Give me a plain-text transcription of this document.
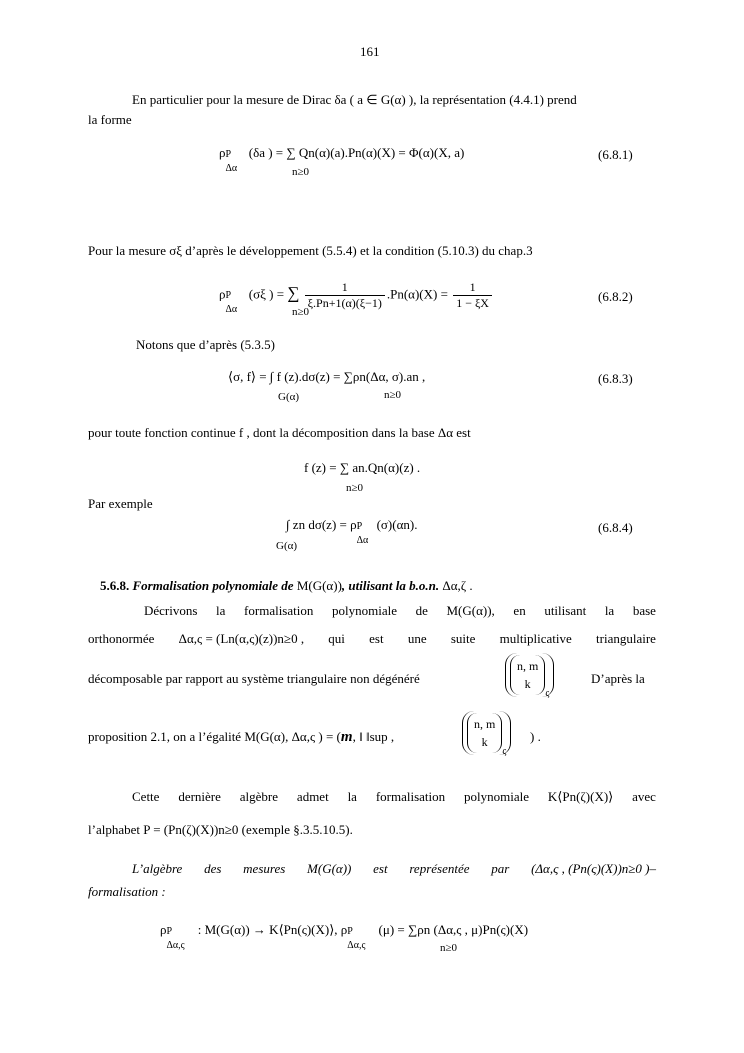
161
En particulier pour la mesure de Dirac δa ( a ∈ G(α) ), la représentation (4.4.1) prend
la forme
ρ P
Δα
(δa ) = ∑ Qn(α)(a).Pn(α)(X) = Φ(α)(X, a)
n≥0
(6.8.1)
Pour la mesure σξ d’après le développement (5.5.4) et la condition (5.10.3) du chap.3
ρ P
Δα
(σξ ) = ∑ $\frac{1}{\xi.Pn+1(\alpha)(\xi-1)} .Pn(\alpha)(X) = \frac{1}{1 - \xi X}$
n≥0
(6.8.2)
Notons que d’après (5.3.5)
⟨σ, f⟩ = ∫ f (z).dσ(z) = ∑ρn(Δα, σ).an ,
G(α)	n≥0
(6.8.3)
pour toute fonction continue f , dont la décomposition dans la base Δα est
f (z) = ∑ an.Qn(α)(z) .
n≥0
Par exemple
∫ zn dσ(z) = ρ P
Δα
(σ)(αn).
G(α)
(6.8.4)
5.6.8. Formalisation polynomiale de M(G(α)), utilisant la b.o.n. Δα,ζ .
Décrivons la formalisation polynomiale de M(G(α)), en utilisant la base
orthonormée Δα,ς = (Ln(α,ς)(z))n≥0 , qui est une suite multiplicative triangulaire
décomposable par rapport au système triangulaire non dégénéré
n, m
$k_\varsigma$
D’après la
proposition 2.1, on a l’égalité M(G(α), Δα,ς ) = (m, ‖ ‖sup ,
n, m
$k_\varsigma$
) .
Cette dernière algèbre admet la formalisation polynomiale K⟨Pn(ζ)(X)⟩ avec
l’alphabet P = (Pn(ζ)(X))n≥0 (exemple §.3.5.10.5).
L’algèbre des mesures M(G(α)) est représentée par (Δα,ς , (Pn(ς)(X))n≥0 )–
formalisation :
ρ P
Δα,ς
: M(G(α)) → K⟨Pn(ς)(X)⟩, ρ P
Δα,ς
(μ) = ∑ρn (Δα,ς , μ)Pn(ς)(X)
n≥0
